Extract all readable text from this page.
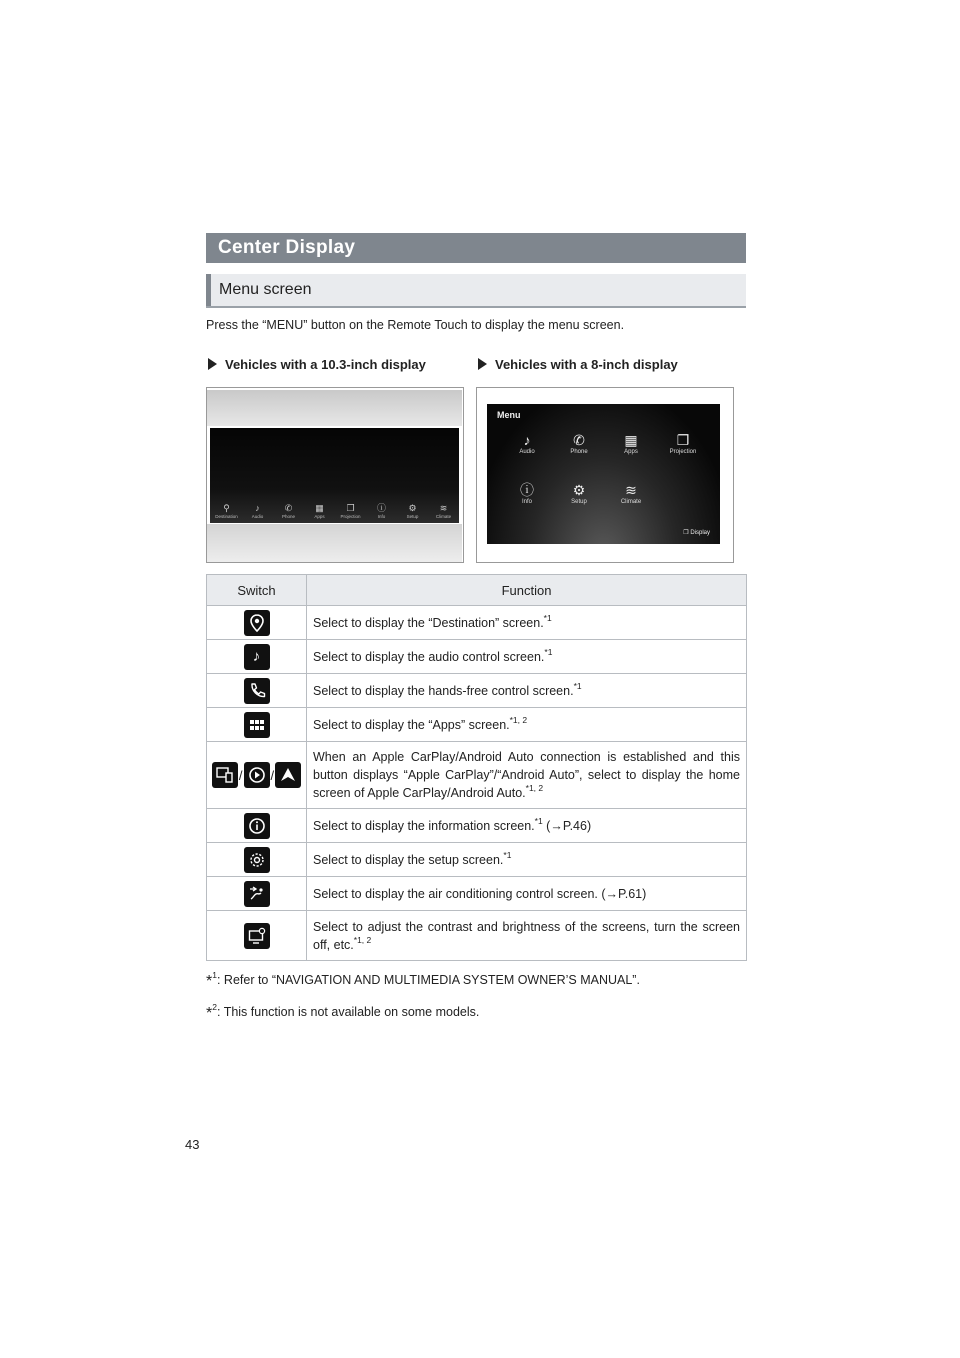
Center Display
Menu screen
Press the “MENU” button on the Remote Touch to display the menu screen.
Vehicles with a 10.3-inch display	Vehicles with a 8-inch display
⚲
Destination
♪
Audio
✆
Phone
▦
Apps
❐
Projection
ⓘ
Info
⚙
Setup
≋
Climate
Menu
♪
Audio
✆
Phone
▦
Apps
❐
Projection
ⓘ
Info
⚙
Setup
≋
Climate
❐ Display
Switch	Function
	Select to display the “Destination” screen.$^{*1}$
♪	Select to display the audio control screen.$^{*1}$
	Select to display the hands-free control screen.$^{*1}$
	Select to display the “Apps” screen.$^{*1, 2}$
/ /	When an Apple CarPlay/Android Auto connection is established and this button displays “Apple CarPlay”/“Android Auto”, select to display the home screen of Apple CarPlay/Android Auto.$^{*1, 2}$
	Select to display the information screen.$^{*1}$ (→P.46)
	Select to display the setup screen.$^{*1}$
	Select to display the air conditioning control screen. (→P.61)
	Select to adjust the contrast and brightness of the screens, turn the screen off, etc.$^{*1, 2}$
*$^1$: Refer to “NAVIGATION AND MULTIMEDIA SYSTEM OWNER’S MANUAL”.
*$^2$: This function is not available on some models.
43
